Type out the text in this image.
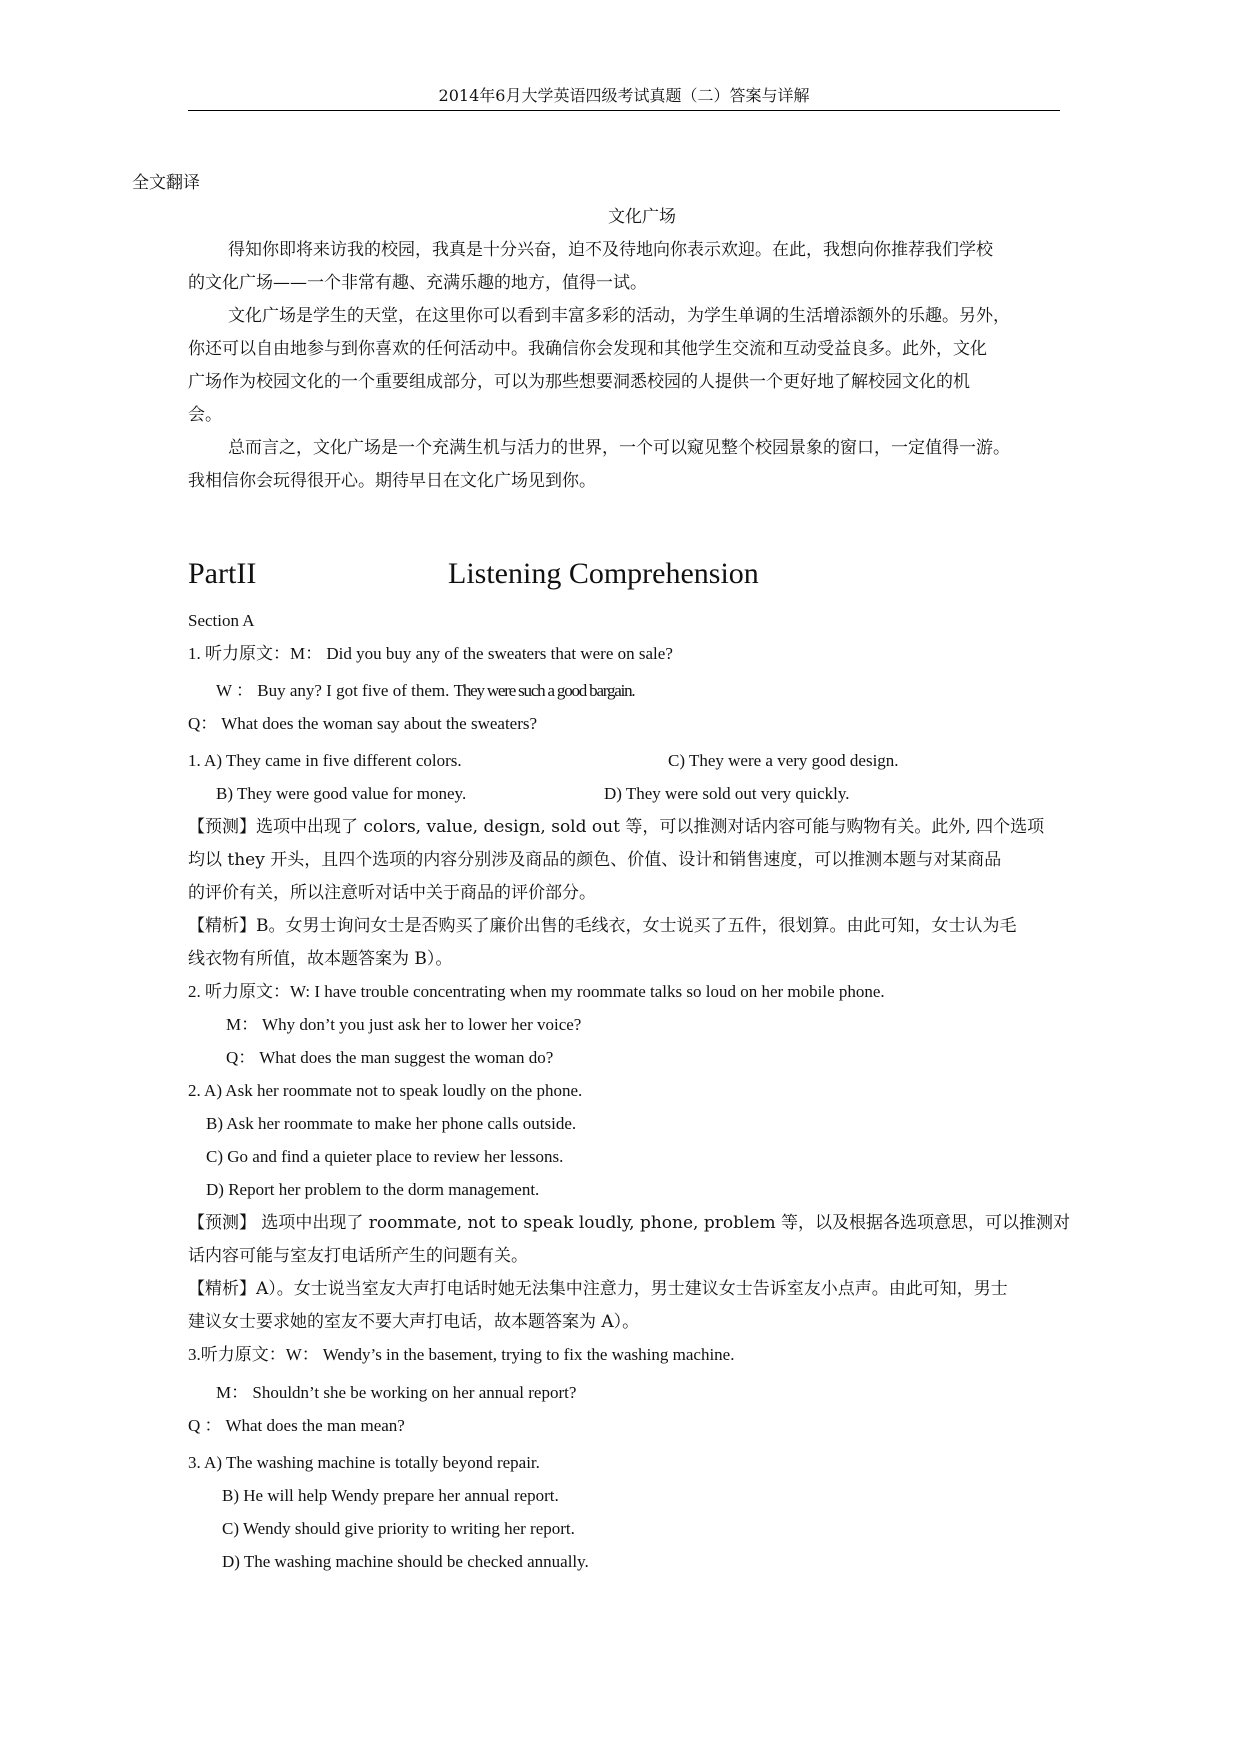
2014年6月大学英语四级考试真题（二）答案与详解
全文翻译
文化广场
得知你即将来访我的校园，我真是十分兴奋，迫不及待地向你表示欢迎。在此，我想向你推荐我们学校
的文化广场——一个非常有趣、充满乐趣的地方，值得一试。
文化广场是学生的天堂，在这里你可以看到丰富多彩的活动，为学生单调的生活增添额外的乐趣。另外，
你还可以自由地参与到你喜欢的任何活动中。我确信你会发现和其他学生交流和互动受益良多。此外，文化
广场作为校园文化的一个重要组成部分，可以为那些想要洞悉校园的人提供一个更好地了解校园文化的机
会。
总而言之，文化广场是一个充满生机与活力的世界，一个可以窥见整个校园景象的窗口，一定值得一游。
我相信你会玩得很开心。期待早日在文化广场见到你。
PartII	Listening Comprehension
Section A
1. 听力原文：M： Did you buy any of the sweaters that were on sale?
W ： Buy any? I got five of them. They were such a good bargain.
Q： What does the woman say about the sweaters?
1. A) They came in five different colors.	C) They were a very good design.
B) They were good value for money.	D) They were sold out very quickly.
【预测】选项中出现了 colors, value, design, sold out 等，可以推测对话内容可能与购物有关。此外, 四个选项
均以 they 开头，且四个选项的内容分别涉及商品的颜色、价值、设计和销售速度，可以推测本题与对某商品
的评价有关，所以注意听对话中关于商品的评价部分。
【精析】B。女男士询问女士是否购买了廉价出售的毛线衣，女士说买了五件，很划算。由此可知，女士认为毛
线衣物有所值，故本题答案为 B）。
2. 听力原文：W: I have trouble concentrating when my roommate talks so loud on her mobile phone.
M： Why don’t you just ask her to lower her voice?
Q： What does the man suggest the woman do?
2. A) Ask her roommate not to speak loudly on the phone.
B) Ask her roommate to make her phone calls outside.
C) Go and find a quieter place to review her lessons.
D) Report her problem to the dorm management.
【预测】 选项中出现了 roommate, not to speak loudly, phone, problem 等，以及根据各选项意思，可以推测对
话内容可能与室友打电话所产生的问题有关。
【精析】A）。女士说当室友大声打电话时她无法集中注意力，男士建议女士告诉室友小点声。由此可知，男士
建议女士要求她的室友不要大声打电话，故本题答案为 A）。
3.听力原文：W： Wendy’s in the basement, trying to fix the washing machine.
M： Shouldn’t she be working on her annual report?
Q ： What does the man mean?
3. A) The washing machine is totally beyond repair.
B) He will help Wendy prepare her annual report.
C) Wendy should give priority to writing her report.
D) The washing machine should be checked annually.
